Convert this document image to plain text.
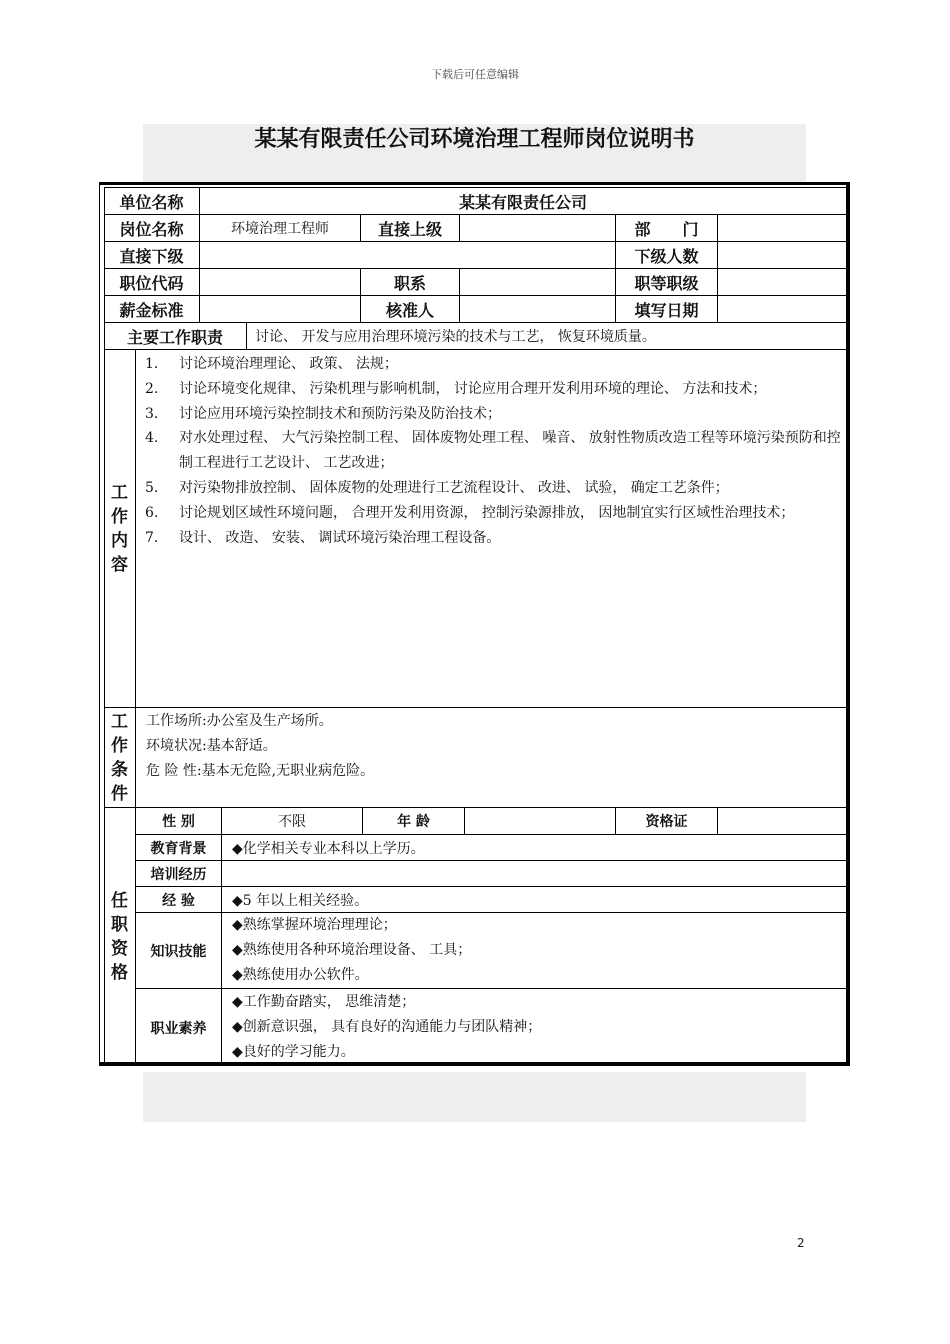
下载后可任意编辑
某某有限责任公司环境治理工程师岗位说明书
单位名称	某某有限责任公司
岗位名称	环境治理工程师	直接上级	部　　门
直接下级	下级人数
职位代码	职系	职等职级
薪金标准	核准人	填写日期
主要工作职责	讨论、 开发与应用治理环境污染的技术与工艺， 恢复环境质量。
工
作
内
容
1.	讨论环境治理理论、 政策、 法规；
2.	讨论环境变化规律、 污染机理与影响机制， 讨论应用合理开发利用环境的理论、 方法和技术；
3.	讨论应用环境污染控制技术和预防污染及防治技术；
4.	对水处理过程、 大气污染控制工程、 固体废物处理工程、 噪音、 放射性物质改造工程等环境污染预防和控制工程进行工艺设计、 工艺改进；
5.	对污染物排放控制、 固体废物的处理进行工艺流程设计、 改进、 试验， 确定工艺条件；
6.	讨论规划区域性环境问题， 合理开发利用资源， 控制污染源排放， 因地制宜实行区域性治理技术；
7.	设计、 改造、 安装、 调试环境污染治理工程设备。
工
作
条
件
工作场所:办公室及生产场所。
环境状况:基本舒适。
危 险 性:基本无危险,无职业病危险。
任
职
资
格
性 别	不限	年 龄	资格证
教育背景	◆化学相关专业本科以上学历。
培训经历
经 验	◆5 年以上相关经验。
知识技能
◆熟练掌握环境治理理论；
◆熟练使用各种环境治理设备、 工具；
◆熟练使用办公软件。
职业素养
◆工作勤奋踏实， 思维清楚；
◆创新意识强， 具有良好的沟通能力与团队精神；
◆良好的学习能力。
2
